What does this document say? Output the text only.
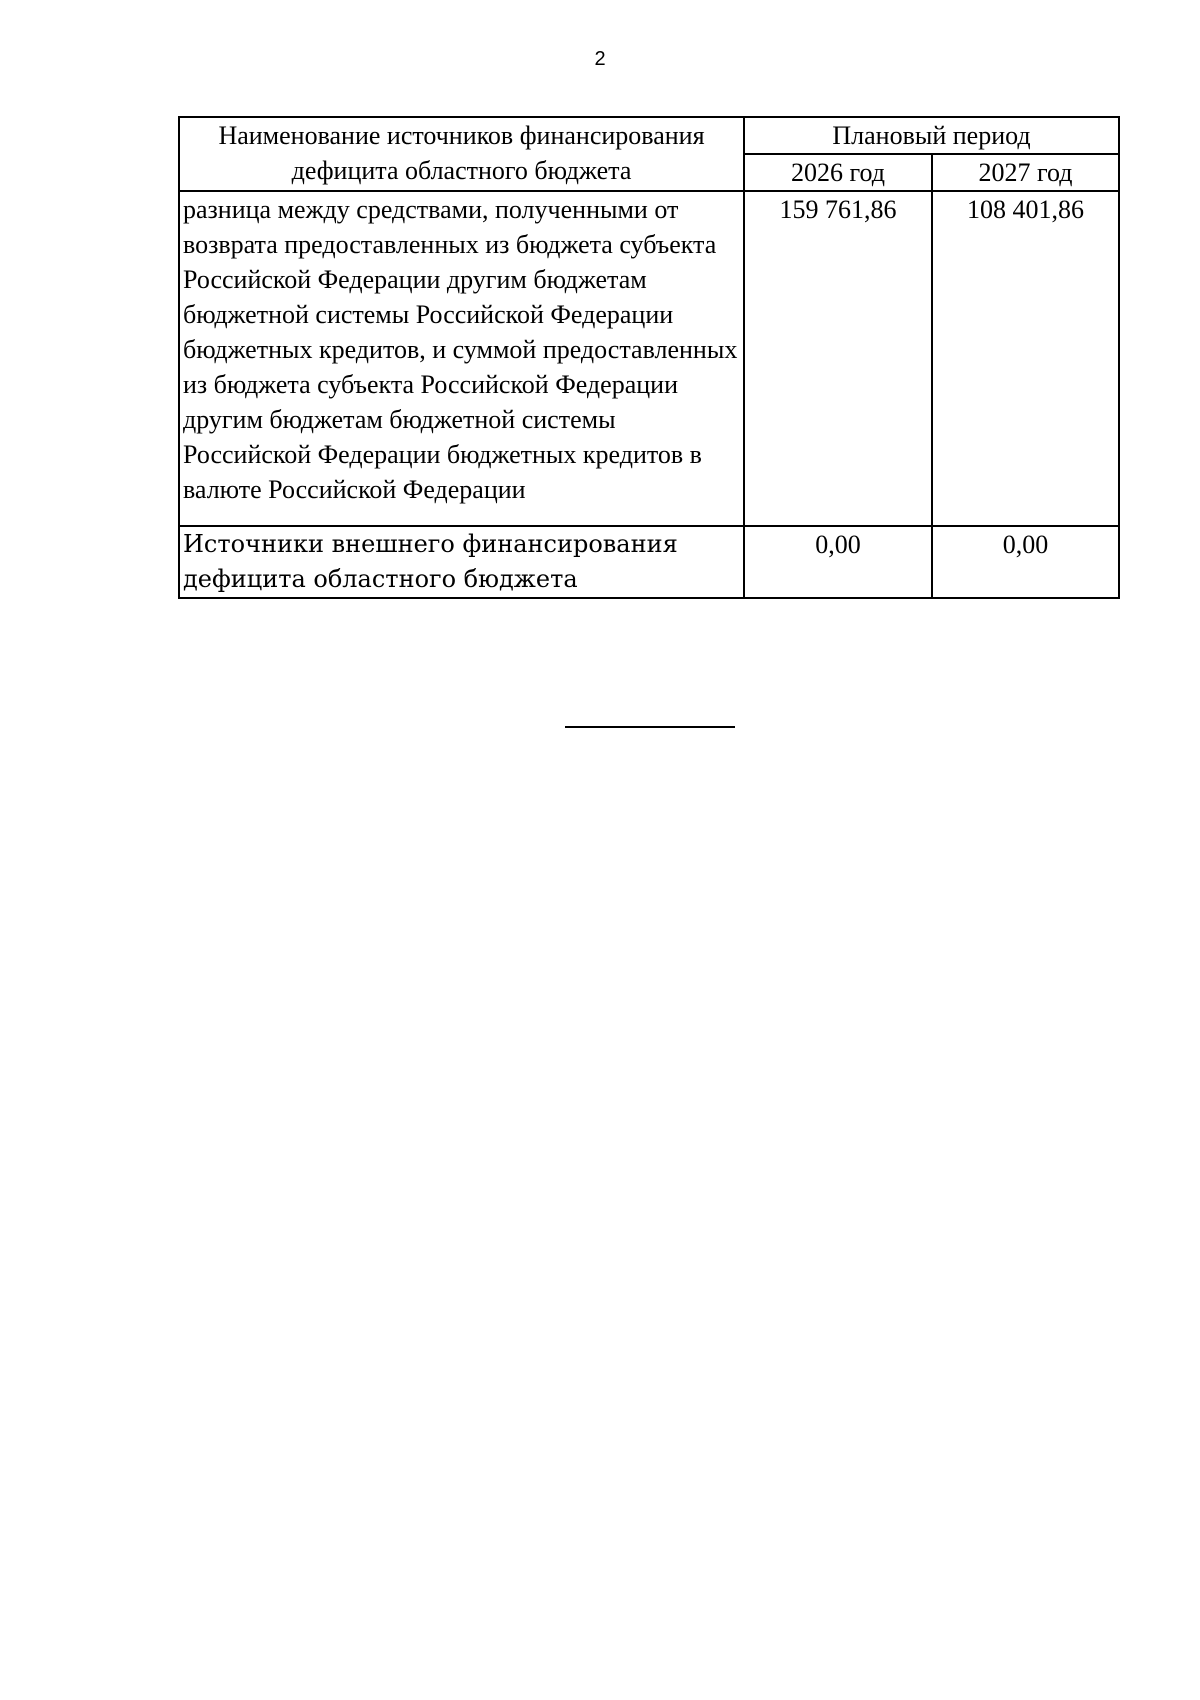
2
Наименование источников финансирования дефицита областного бюджета	Плановый период	
	2026 год	2027 год
разница между средствами, полученными от возврата предоставленных из бюджета субъекта Российской Федерации другим бюджетам бюджетной системы Российской Федерации бюджетных кредитов, и суммой предоставленных из бюджета субъекта Российской Федерации другим бюджетам бюджетной системы Российской Федерации бюджетных кредитов в валюте Российской Федерации	159 761,86	108 401,86
Источники внешнего финансирования дефицита областного бюджета	0,00	0,00
